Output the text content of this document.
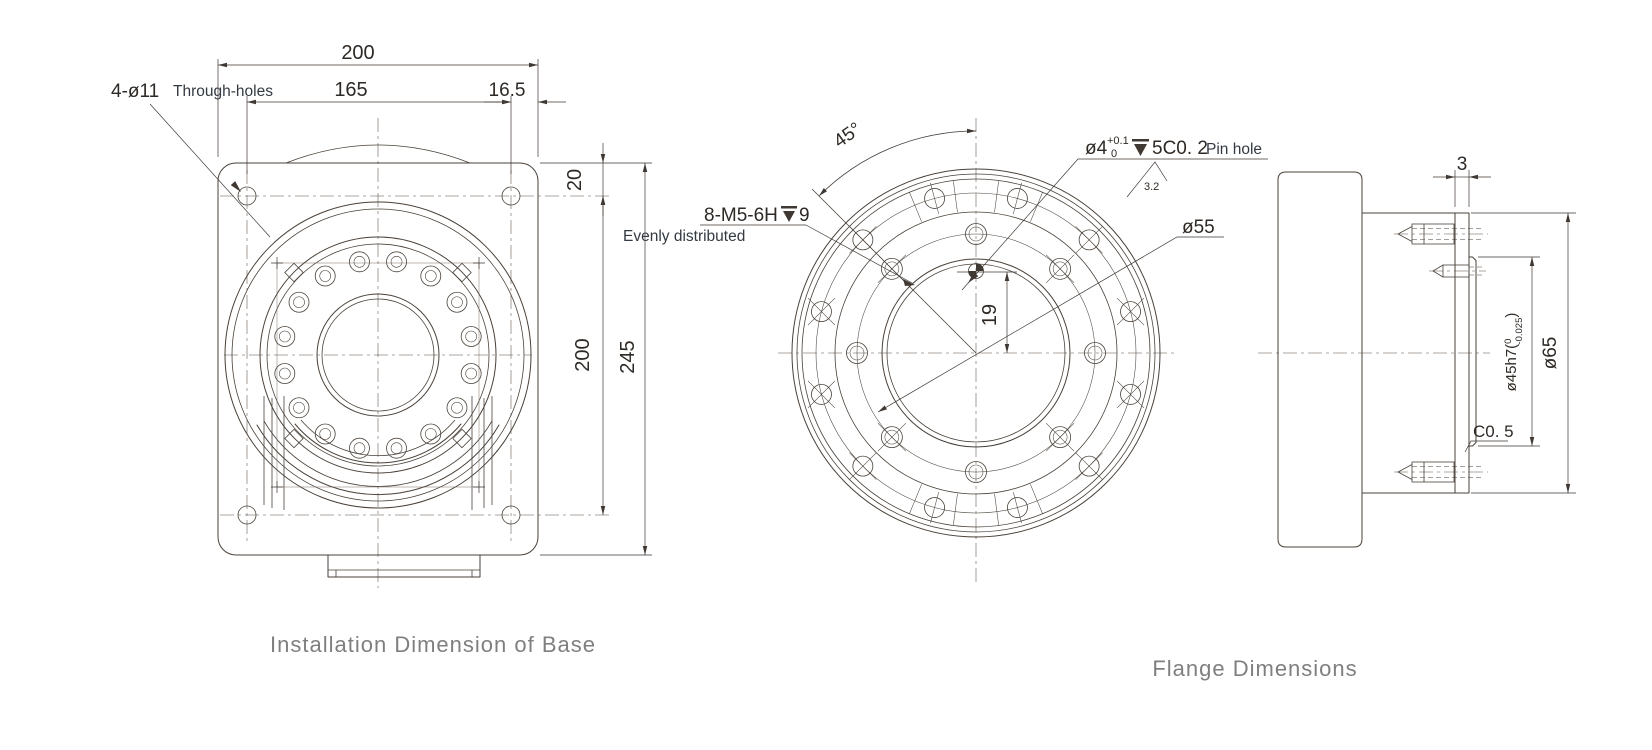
200
165	16.5
20
200 245
4-ø11 Through-holes
Installation Dimension of Base
45°	ø4 +0.1
0 5C0. 2
Pin hole
3.2
8-M5-6H 9
Evenly distributed	ø55
19
Flange Dimensions
3
ø45h7($^0$-0.025)
ø65
C0. 5
